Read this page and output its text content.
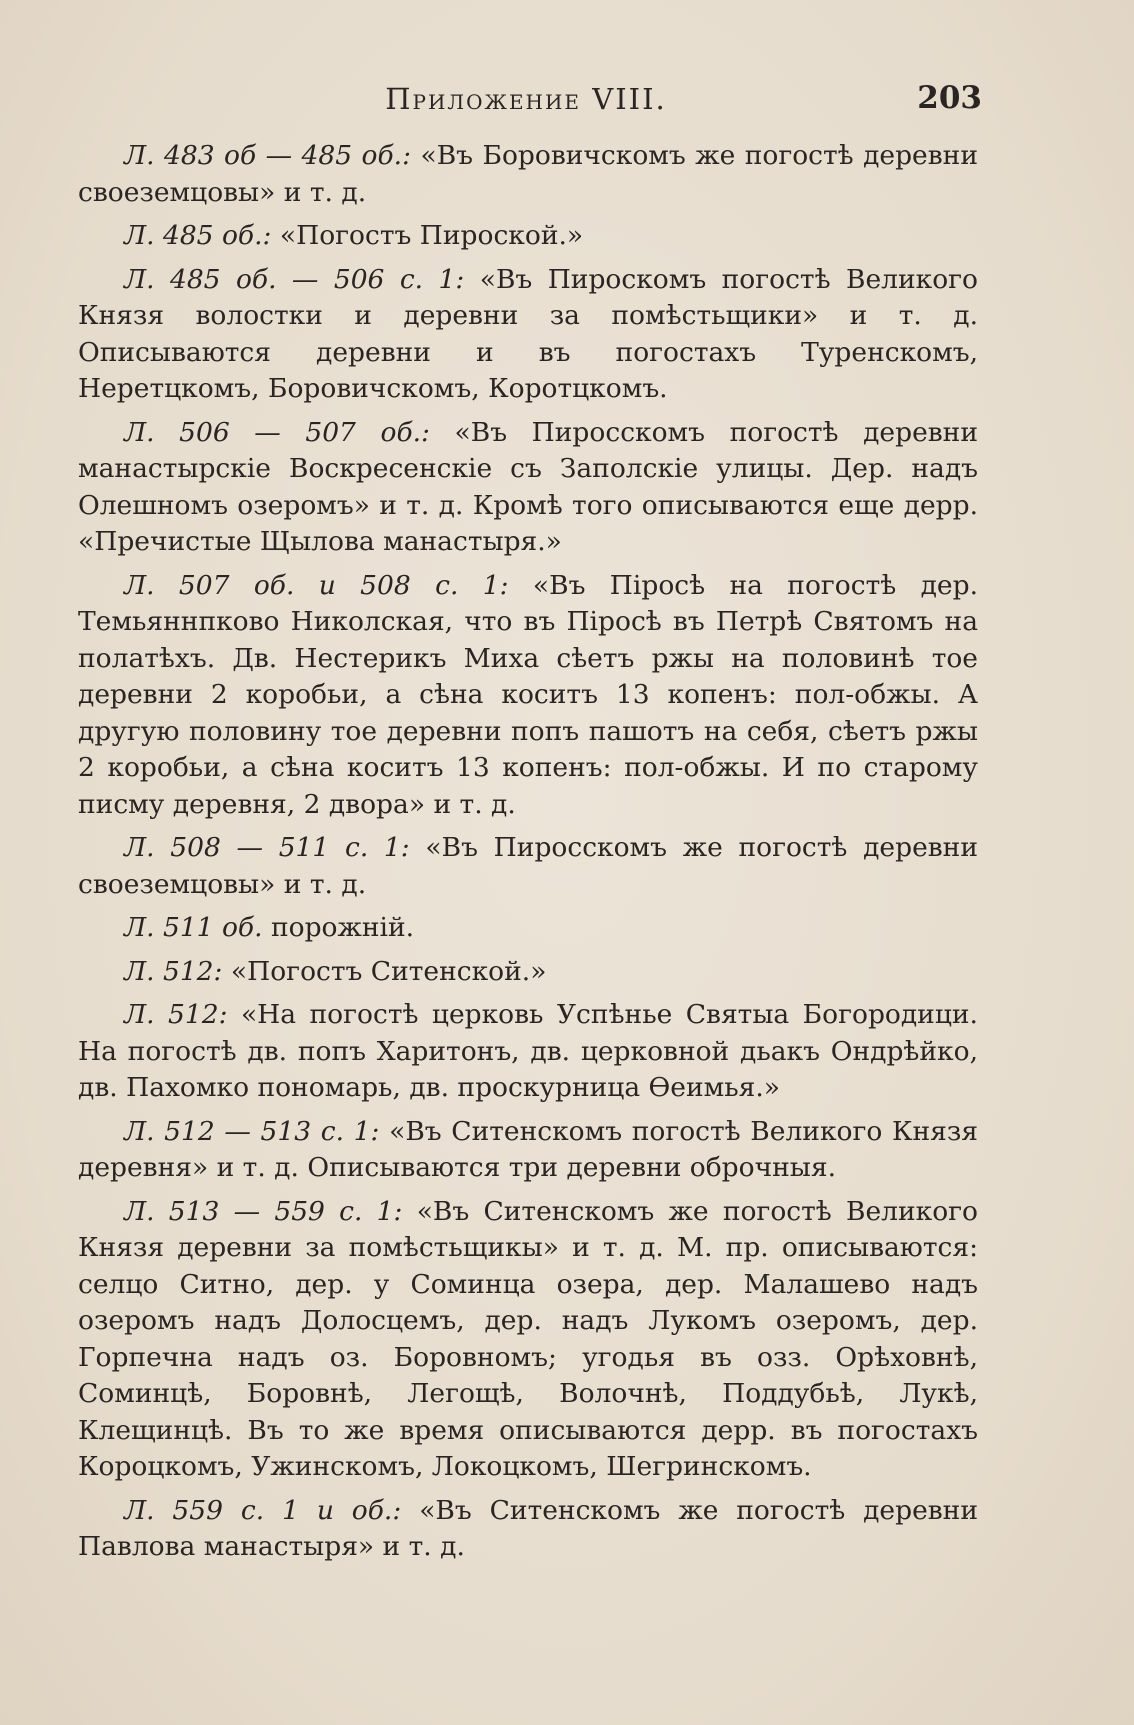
Приложение VIII.	203

Л. 483 об — 485 об.: «Въ Боровичскомъ же погостѣ деревни своеземцовы» и т. д.

Л. 485 об.: «Погостъ Пироской.»

Л. 485 об. — 506 с. 1: «Въ Пироскомъ погостѣ Великого Князя волостки и деревни за помѣстьщики» и т. д. Описываются деревни и въ погостахъ Туренскомъ, Неретцкомъ, Боровичскомъ, Коротцкомъ.

Л. 506 — 507 об.: «Въ Пиросскомъ погостѣ деревни манастырскіе Воскресенскіе съ Заполскіе улицы. Дер. надъ Олешномъ озеромъ» и т. д. Кромѣ того описываются еще дерр. «Пречистые Щылова манастыря.»

Л. 507 об. и 508 с. 1: «Въ Піросѣ на погостѣ дер. Темьяннпково Николская, что въ Піросѣ въ Петрѣ Святомъ на полатѣхъ. Дв. Нестерикъ Миха сѣетъ ржы на половинѣ тое деревни 2 коробьи, а сѣна коситъ 13 копенъ: пол-обжы. А другую половину тое деревни попъ пашотъ на себя, сѣетъ ржы 2 коробьи, а сѣна коситъ 13 копенъ: пол-обжы. И по старому писму деревня, 2 двора» и т. д.

Л. 508 — 511 с. 1: «Въ Пиросскомъ же погостѣ деревни своеземцовы» и т. д.

Л. 511 об. порожній.

Л. 512: «Погостъ Ситенской.»

Л. 512: «На погостѣ церковь Успѣнье Святыа Богородици. На погостѣ дв. попъ Харитонъ, дв. церковной дьакъ Ондрѣйко, дв. Пахомко пономарь, дв. проскурница Өеимья.»

Л. 512 — 513 с. 1: «Въ Ситенскомъ погостѣ Великого Князя деревня» и т. д. Описываются три деревни оброчныя.

Л. 513 — 559 с. 1: «Въ Ситенскомъ же погостѣ Великого Князя деревни за помѣстьщикы» и т. д. М. пр. описываются: селцо Ситно, дер. у Соминца озера, дер. Малашево надъ озеромъ надъ Долосцемъ, дер. надъ Лукомъ озеромъ, дер. Горпечна надъ оз. Боровномъ; угодья въ озз. Орѣховнѣ, Соминцѣ, Боровнѣ, Легощѣ, Волочнѣ, Поддубьѣ, Лукѣ, Клещинцѣ. Въ то же время описываются дерр. въ погостахъ Короцкомъ, Ужинскомъ, Локоцкомъ, Шегринскомъ.

Л. 559 с. 1 и об.: «Въ Ситенскомъ же погостѣ деревни Павлова манастыря» и т. д.
